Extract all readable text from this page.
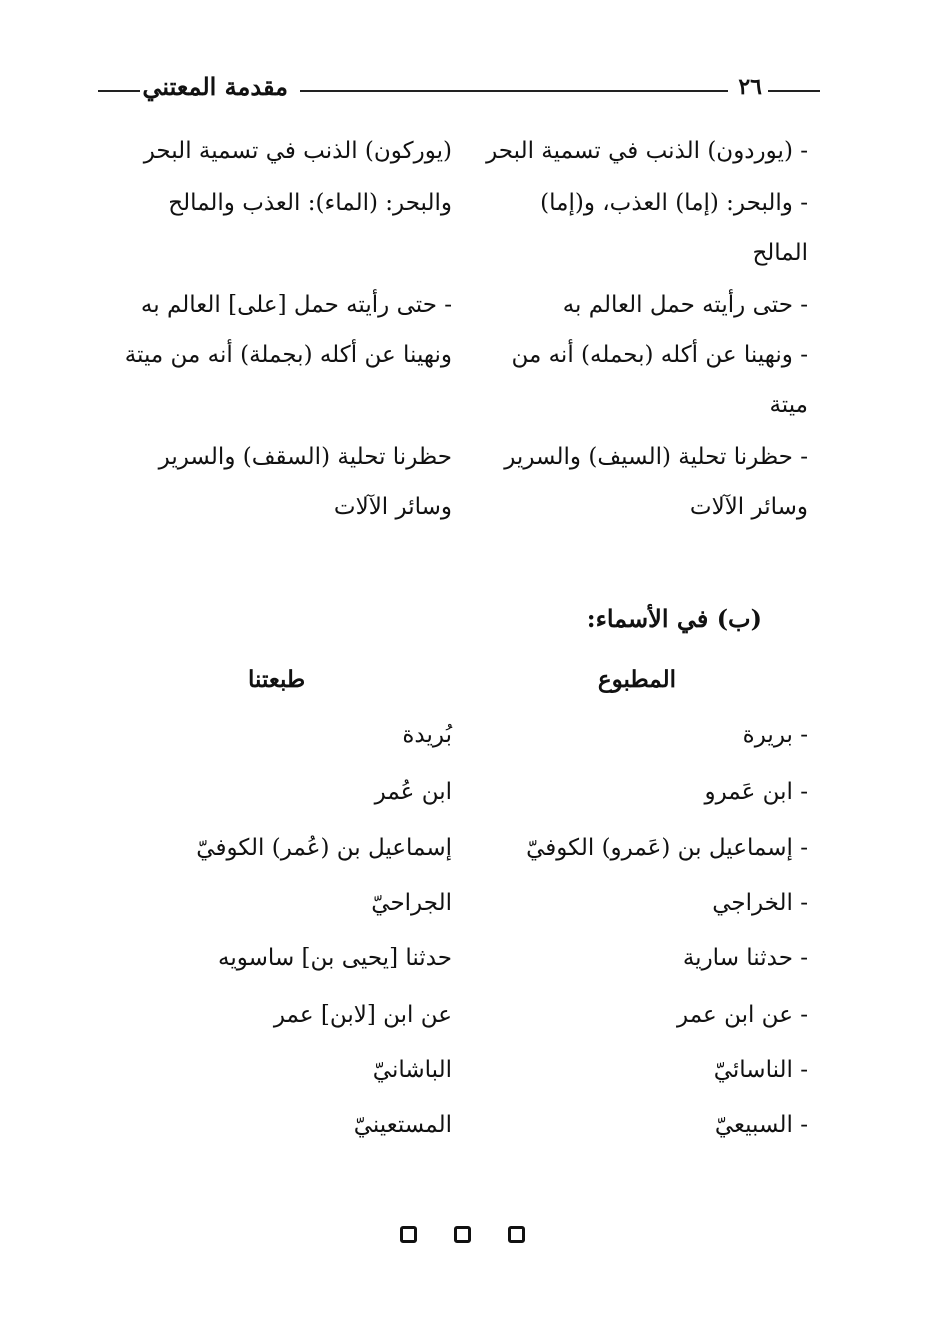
٢٦
مقدمة المعتني
- (يوردون) الذنب في تسمية البحر
(يوركون) الذنب في تسمية البحر
- والبحر: (إما) العذب، و(إما)
والبحر: (الماء): العذب والمالح
المالح
- حتى رأيته حمل العالم به
- حتى رأيته حمل [على] العالم به
- ونهينا عن أكله (بحمله) أنه من
ونهينا عن أكله (بجملة) أنه من ميتة
ميتة
- حظرنا تحلية (السيف) والسرير
حظرنا تحلية (السقف) والسرير
وسائر الآلات
وسائر الآلات
(ب) في الأسماء:
المطبوع
طبعتنا
- بريرة
بُريدة
- ابن عَمرو
ابن عُمر
- إسماعيل بن (عَمرو) الكوفيّ
إسماعيل بن (عُمر) الكوفيّ
- الخراجي
الجراحيّ
- حدثنا سارية
حدثنا [يحيى بن] ساسويه
- عن ابن عمر
عن ابن [لابن] عمر
- الناسائيّ
الباشانيّ
- السبيعيّ
المستعينيّ
